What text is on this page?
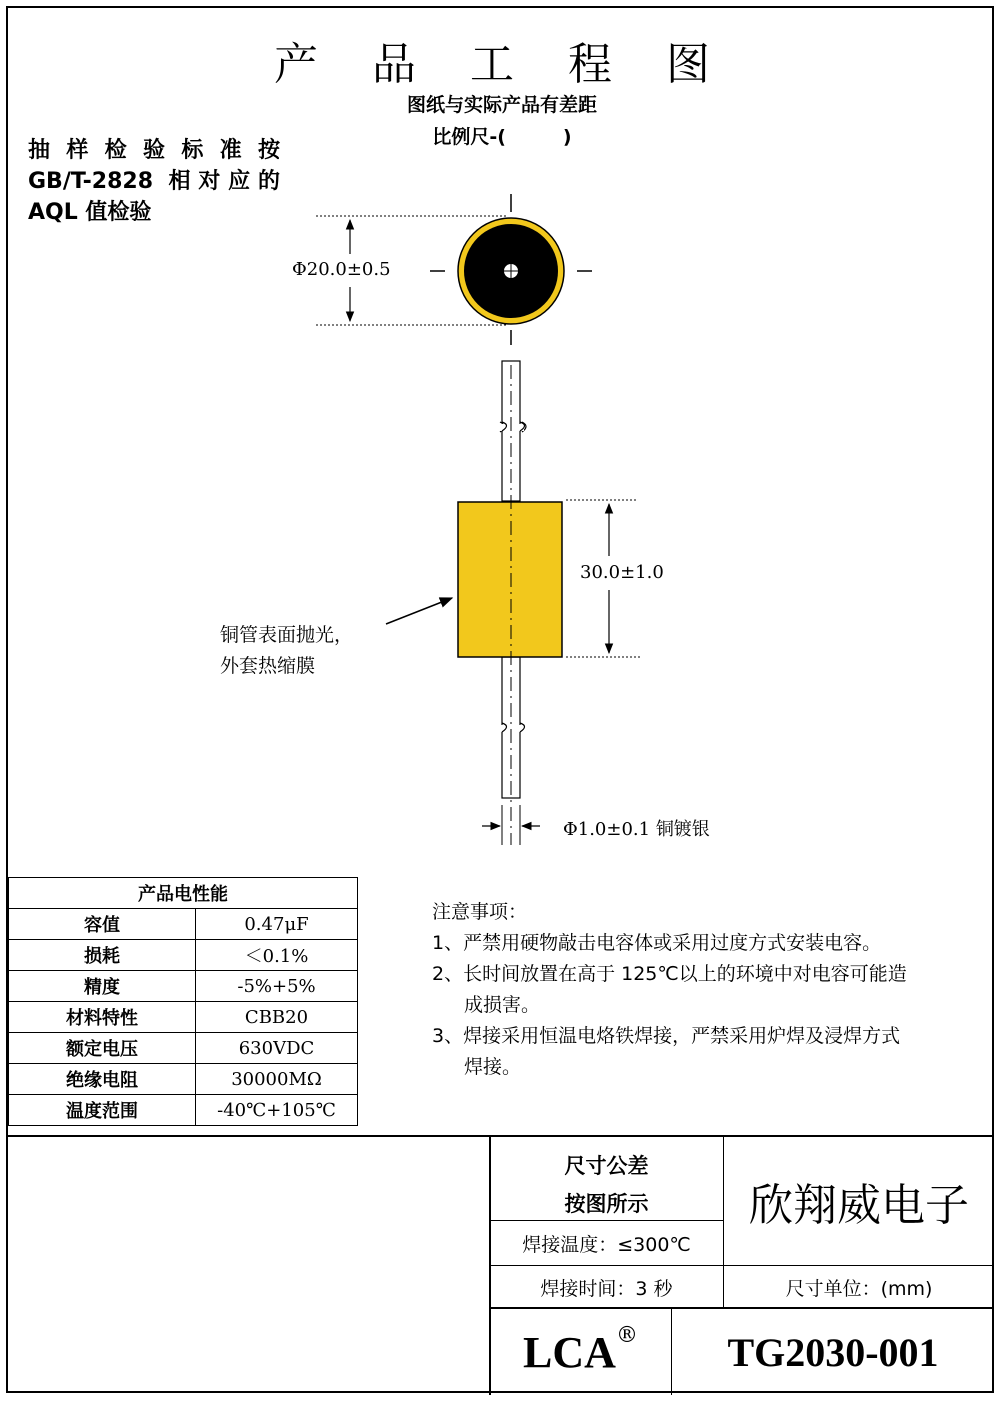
产 品 工 程 图
图纸与实际产品有差距
比例尺-(　　　)
抽样检验标准按
GB/T-2828 相对应的
AQL 值检验
Φ20.0±0.5
30.0±1.0
Φ1.0±0.1 铜镀银
铜管表面抛光，
外套热缩膜
产品电性能	
容值	0.47μF
损耗	＜0.1%
精度	-5%+5%
材料特性	CBB20
额定电压	630VDC
绝缘电阻	30000MΩ
温度范围	-40℃+105℃
注意事项：
1、严禁用硬物敲击电容体或采用过度方式安装电容。
2、长时间放置在高于 125℃以上的环境中对电容可能造
成损害。
3、焊接采用恒温电烙铁焊接，严禁采用炉焊及浸焊方式
焊接。
尺寸公差
按图所示
焊接温度：≤300℃
欣翔威电子
焊接时间：3 秒	尺寸单位：(mm)
LCA ®	TG2030-001
